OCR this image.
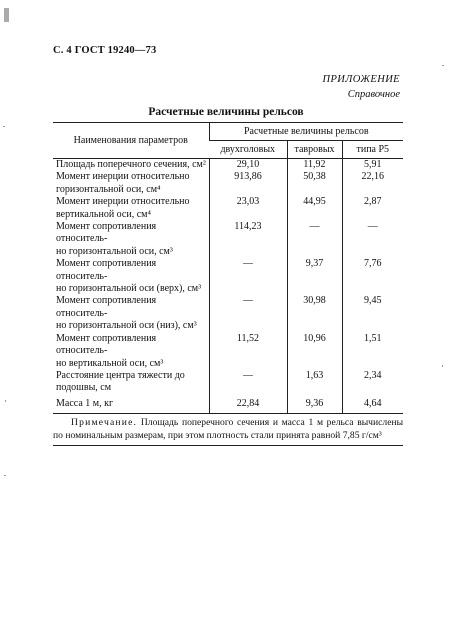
С. 4 ГОСТ 19240—73
ПРИЛОЖЕНИЕ
Справочное
Расчетные величины рельсов
Наименования параметров	Расчетные величины рельсов		
	двухголовых	тавровых	типа Р5

Площадь поперечного сечения, см²	29,10	11,92	5,91

Момент инерции относительно
горизонтальной оси, см⁴	913,86	50,38	22,16

Момент инерции относительно
вертикальной оси, см⁴	23,03	44,95	2,87

Момент сопротивления относитель-
но горизонтальной оси, см³	114,23	—	—

Момент сопротивления относитель-
но горизонтальной оси (верх), см³	—	9,37	7,76

Момент сопротивления относитель-
но горизонтальной оси (низ), см³	—	30,98	9,45

Момент сопротивления относитель-
но вертикальной оси, см³	11,52	10,96	1,51

Расстояние центра тяжести до
подошвы, см	—	1,63	2,34

Масса 1 м, кг	22,84	9,36	4,64

Примечание. Площадь поперечного сечения и масса 1 м рельса вычислены по номинальным размерам, при этом плотность стали принята равной 7,85 г/см³			
